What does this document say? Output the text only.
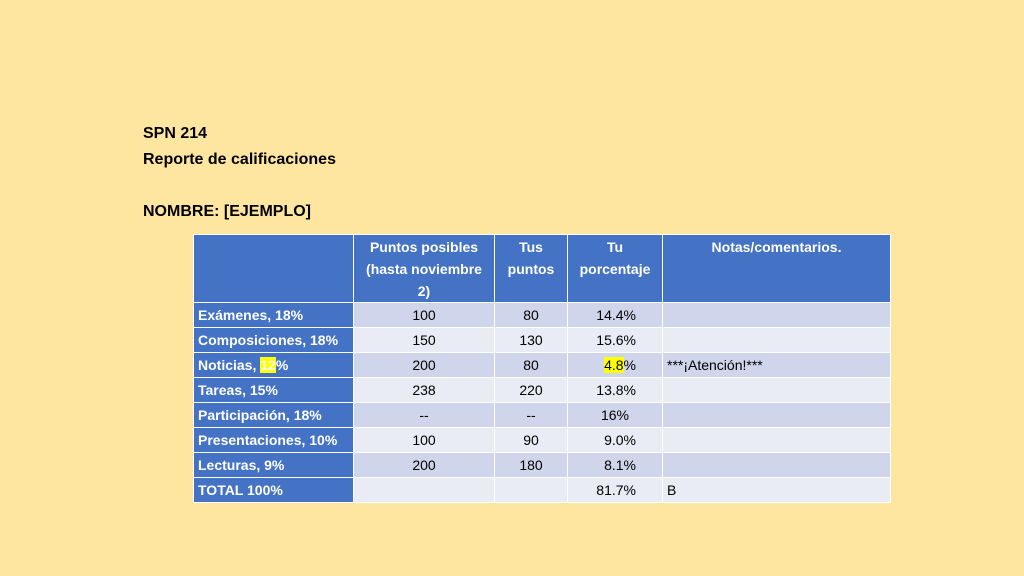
SPN 214
Reporte de calificaciones
NOMBRE: [EJEMPLO]
	Puntos posibles (hasta noviembre 2)	Tus puntos	Tu porcentaje	Notas/comentarios.
Exámenes, 18%	100	80	14.4%	
Composiciones, 18%	150	130	15.6%	
Noticias, 12%	200	80	4.8%	***¡Atención!***
Tareas, 15%	238	220	13.8%	
Participación, 18%	--	--	16%	
Presentaciones, 10%	100	90	9.0%	
Lecturas, 9%	200	180	8.1%	
TOTAL 100%			81.7%	B
